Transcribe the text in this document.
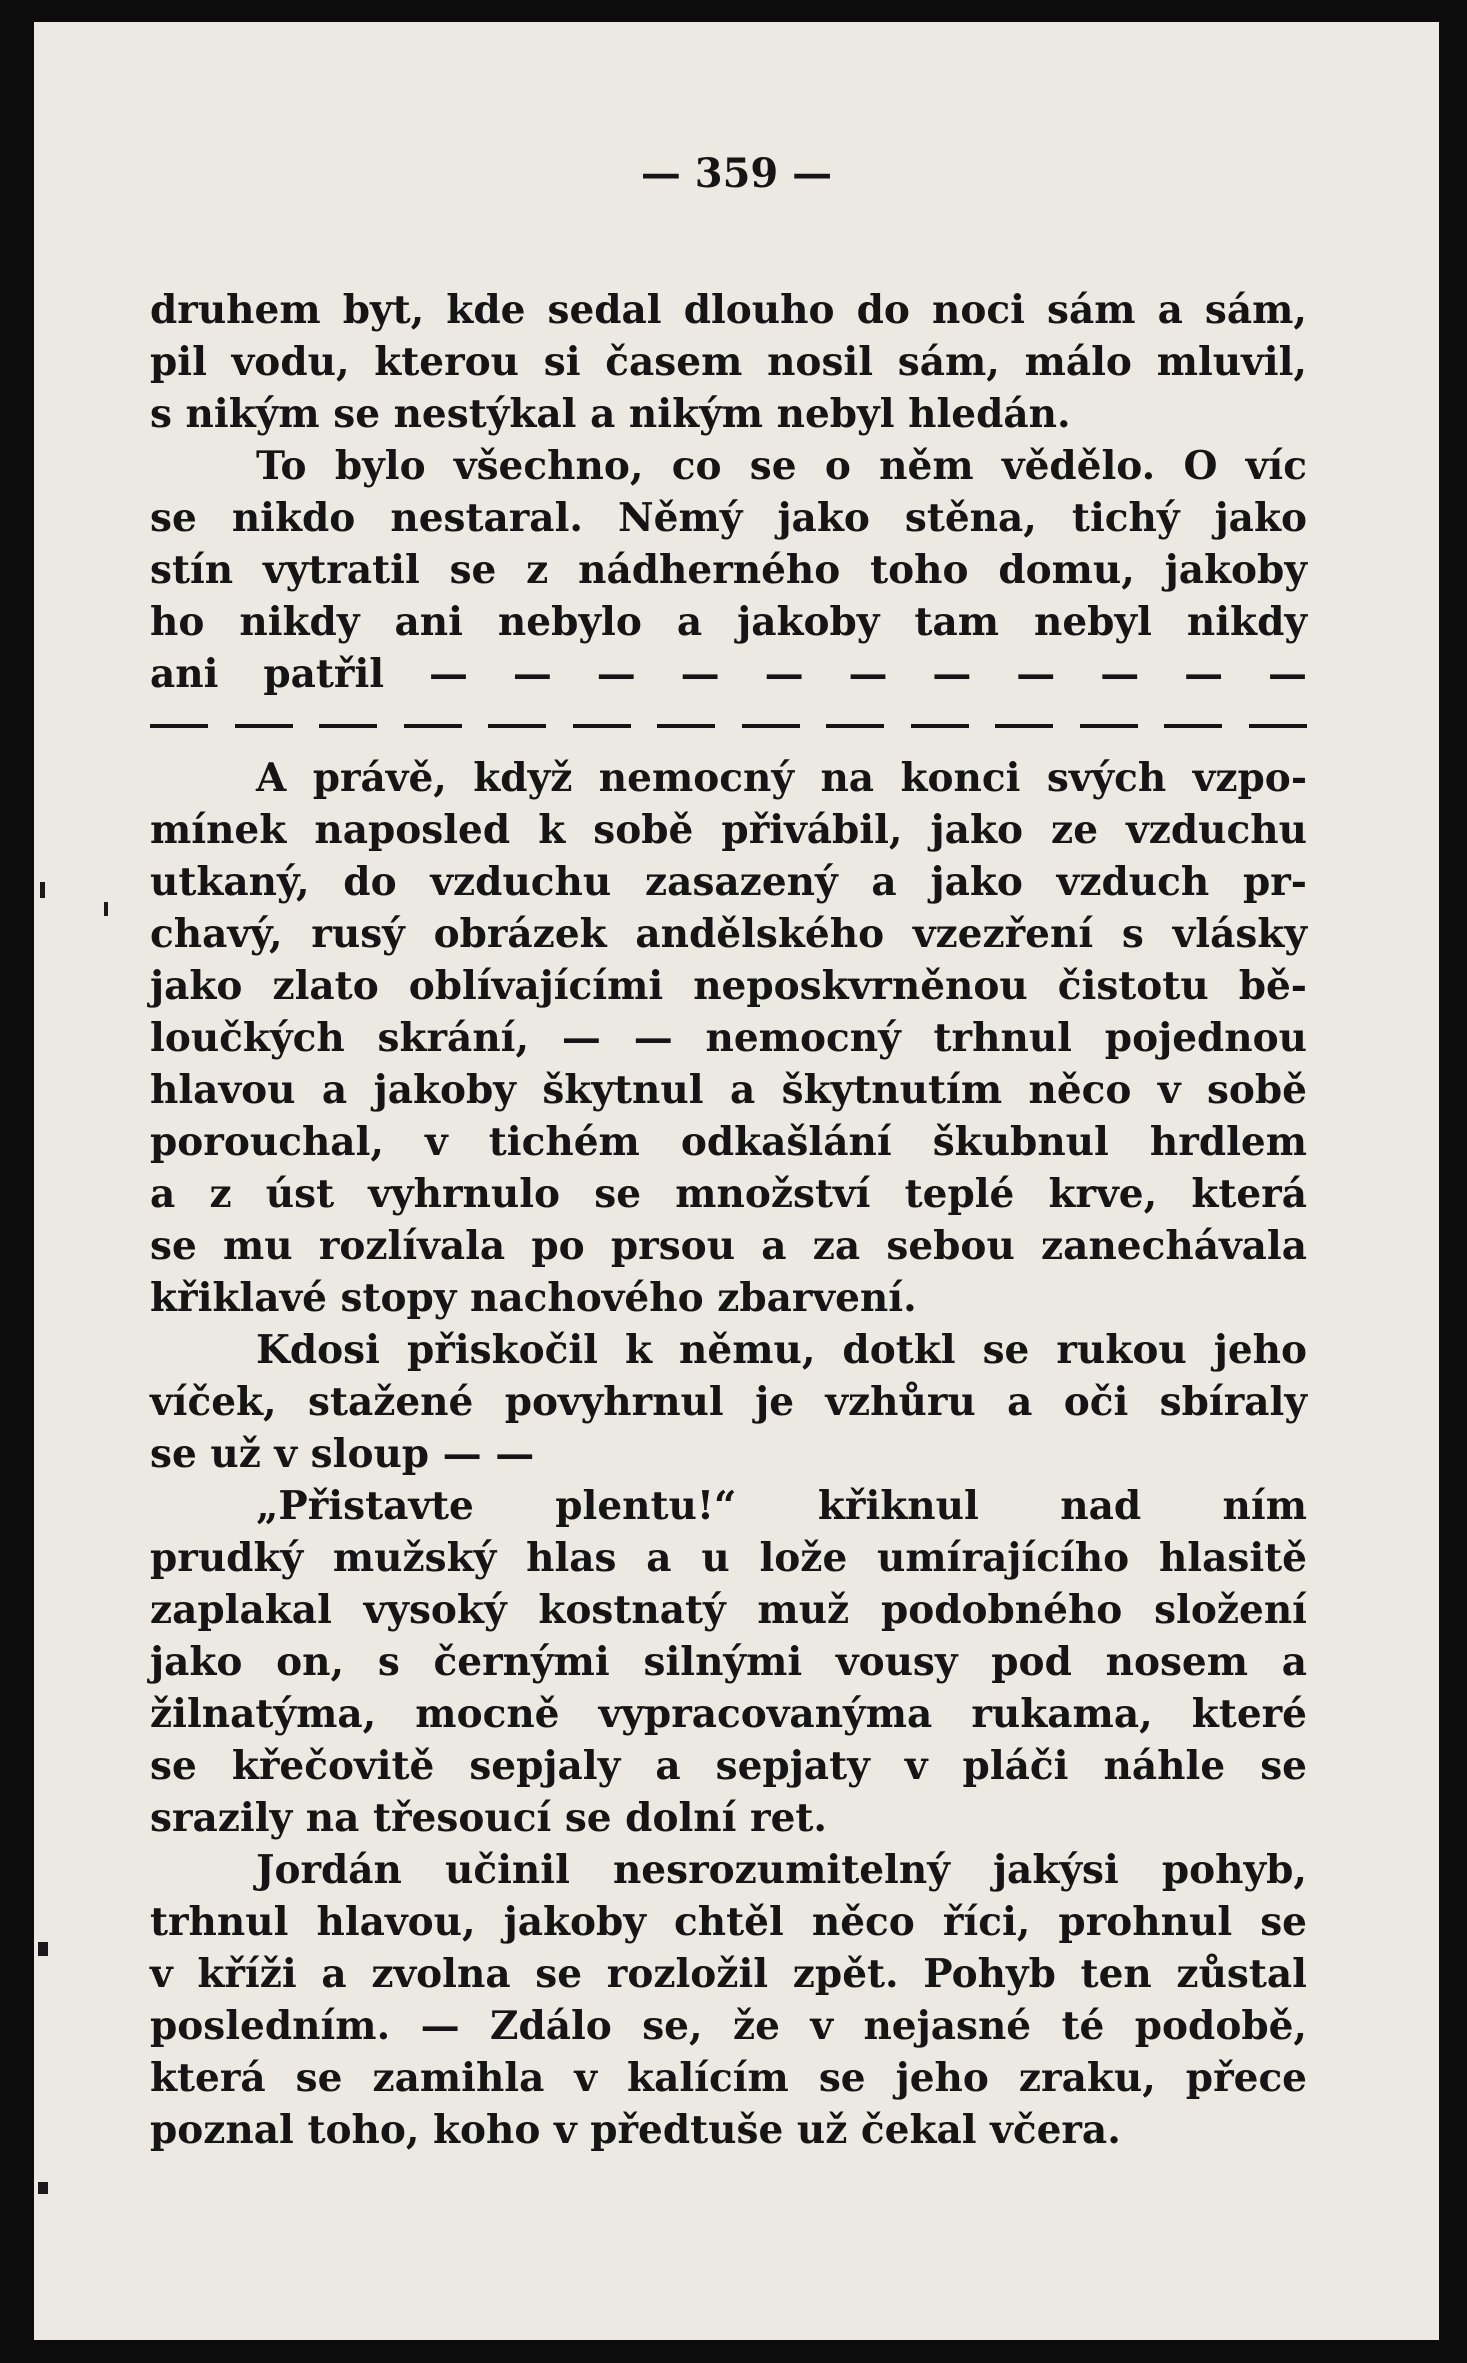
— 359 —
druhem byt, kde sedal dlouho do noci sám a sám,
pil vodu, kterou si časem nosil sám, málo mluvil,
s nikým se nestýkal a nikým nebyl hledán.
To bylo všechno, co se o něm vědělo. O víc
se nikdo nestaral. Němý jako stěna, tichý jako
stín vytratil se z nádherného toho domu, jakoby
ho nikdy ani nebylo a jakoby tam nebyl nikdy
ani patřil — — — — — — — — — — —
A právě, když nemocný na konci svých vzpo-
mínek naposled k sobě přivábil, jako ze vzduchu
utkaný, do vzduchu zasazený a jako vzduch pr-
chavý, rusý obrázek andělského vzezření s vlásky
jako zlato oblívajícími neposkvrněnou čistotu bě-
loučkých skrání, — — nemocný trhnul pojednou
hlavou a jakoby škytnul a škytnutím něco v sobě
porouchal, v tichém odkašlání škubnul hrdlem
a z úst vyhrnulo se množství teplé krve, která
se mu rozlívala po prsou a za sebou zanechávala
křiklavé stopy nachového zbarvení.
Kdosi přiskočil k němu, dotkl se rukou jeho
víček, stažené povyhrnul je vzhůru a oči sbíraly
se už v sloup — —
„Přistavte plentu!“ křiknul nad ním
prudký mužský hlas a u lože umírajícího hlasitě
zaplakal vysoký kostnatý muž podobného složení
jako on, s černými silnými vousy pod nosem a
žilnatýma, mocně vypracovanýma rukama, které
se křečovitě sepjaly a sepjaty v pláči náhle se
srazily na třesoucí se dolní ret.
Jordán učinil nesrozumitelný jakýsi pohyb,
trhnul hlavou, jakoby chtěl něco říci, prohnul se
v kříži a zvolna se rozložil zpět. Pohyb ten zůstal
posledním. — Zdálo se, že v nejasné té podobě,
která se zamihla v kalícím se jeho zraku, přece
poznal toho, koho v předtuše už čekal včera.
